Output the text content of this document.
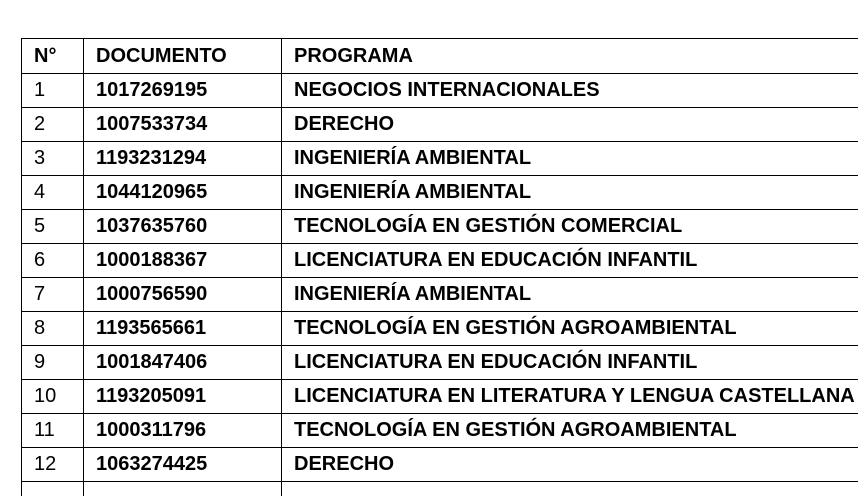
N°	DOCUMENTO	PROGRAMA
1	1017269195	NEGOCIOS INTERNACIONALES
2	1007533734	DERECHO
3	1193231294	INGENIERÍA AMBIENTAL
4	1044120965	INGENIERÍA AMBIENTAL
5	1037635760	TECNOLOGÍA EN GESTIÓN COMERCIAL
6	1000188367	LICENCIATURA EN EDUCACIÓN INFANTIL
7	1000756590	INGENIERÍA AMBIENTAL
8	1193565661	TECNOLOGÍA EN GESTIÓN AGROAMBIENTAL
9	1001847406	LICENCIATURA EN EDUCACIÓN INFANTIL
10	1193205091	LICENCIATURA EN LITERATURA Y LENGUA CASTELLANA
11	1000311796	TECNOLOGÍA EN GESTIÓN AGROAMBIENTAL
12	1063274425	DERECHO
